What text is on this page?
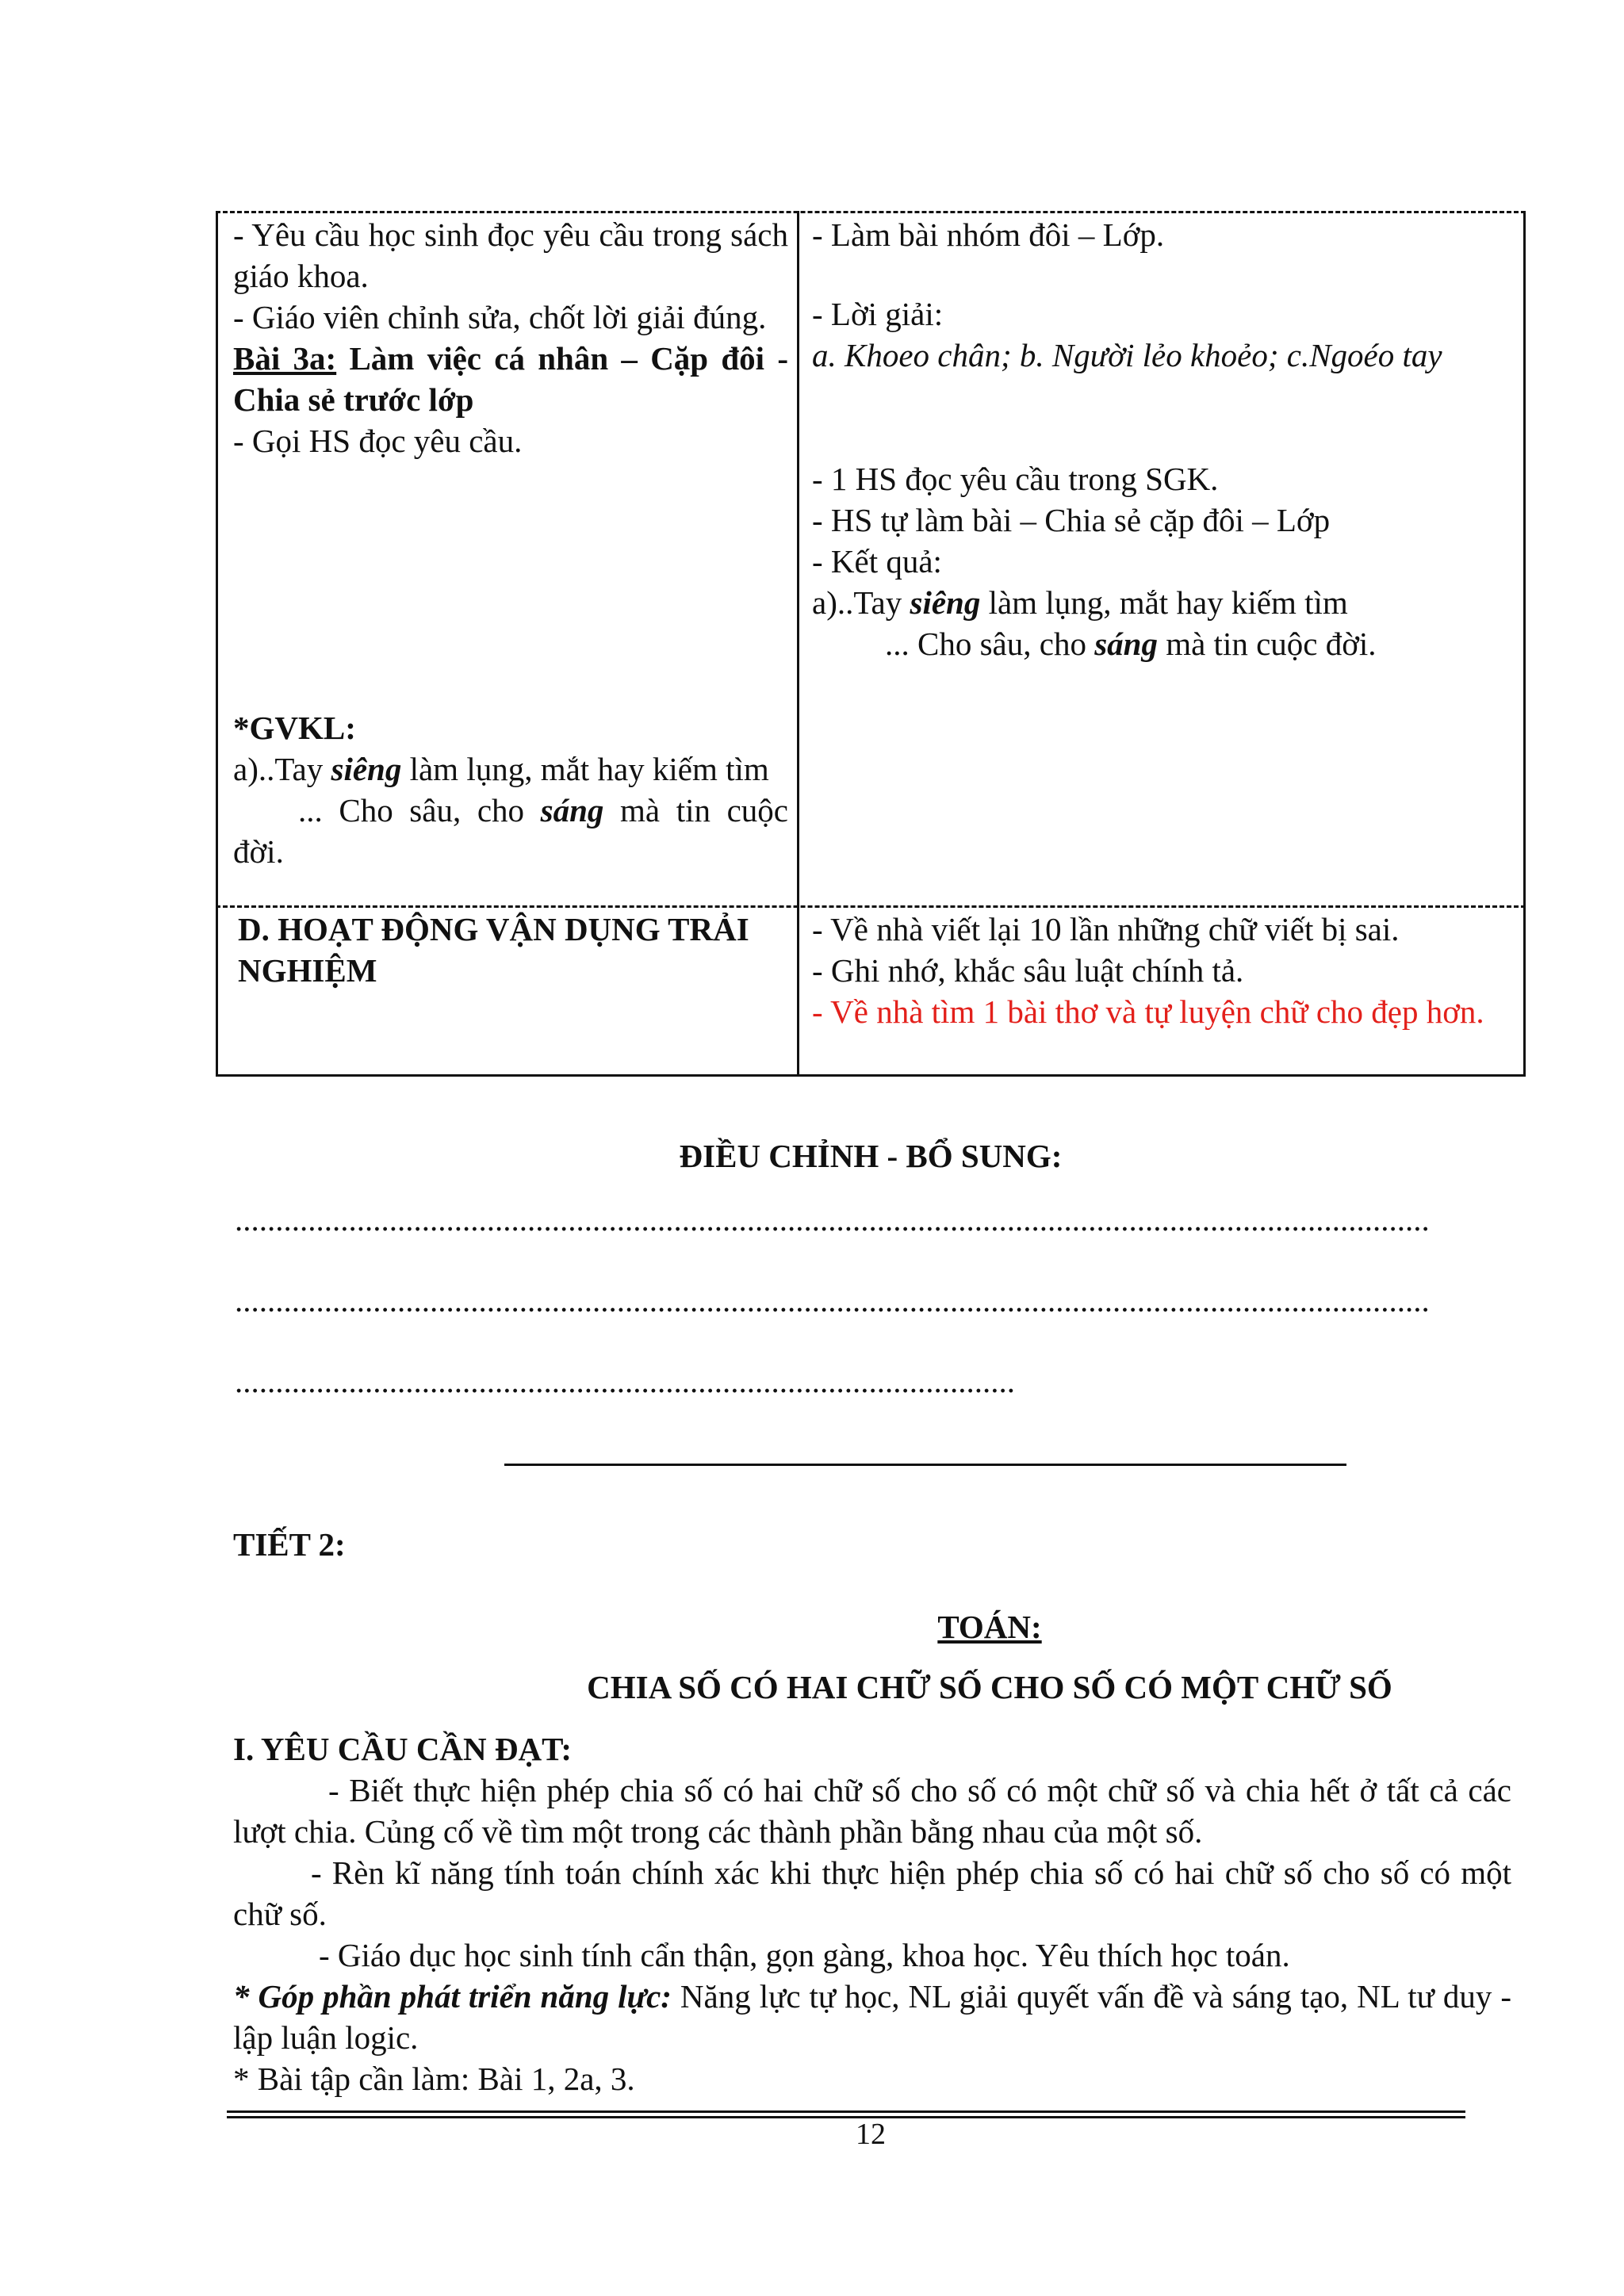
- Yêu cầu học sinh đọc yêu cầu trong sách giáo khoa.
- Giáo viên chỉnh sửa, chốt lời giải đúng.
Bài 3a: Làm việc cá nhân – Cặp đôi - Chia sẻ trước lớp
- Gọi HS đọc yêu cầu.
*GVKL:
a)..Tay siêng làm lụng, mắt hay kiếm tìm
... Cho sâu, cho sáng mà tin cuộc đời.
- Làm bài nhóm đôi – Lớp.
- Lời giải:
a. Khoeo chân; b. Người lẻo khoẻo; c.Ngoéo tay
- 1 HS đọc yêu cầu trong SGK.
- HS tự làm bài – Chia sẻ cặp đôi – Lớp
- Kết quả:
a)..Tay siêng làm lụng, mắt hay kiếm tìm
... Cho sâu, cho sáng mà tin cuộc đời.
D. HOẠT ĐỘNG VẬN DỤNG TRẢI NGHIỆM
- Về nhà viết lại 10 lần những chữ viết bị sai.
- Ghi nhớ, khắc sâu luật chính tả.
- Về nhà tìm 1 bài thơ và tự luyện chữ cho đẹp hơn.
ĐIỀU CHỈNH - BỔ SUNG:
...................................................................................................................................................
...................................................................................................................................................
................................................................................................
TIẾT 2:
TOÁN:
CHIA SỐ CÓ HAI CHỮ SỐ CHO SỐ CÓ MỘT CHỮ SỐ
I. YÊU CẦU CẦN ĐẠT:
- Biết thực hiện phép chia số có hai chữ số cho số có một chữ số và chia hết ở tất cả các lượt chia. Củng cố về tìm một trong các thành phần bằng nhau của một số.
- Rèn kĩ năng tính toán chính xác khi thực hiện phép chia số có hai chữ số cho số có một chữ số.
- Giáo dục học sinh tính cẩn thận, gọn gàng, khoa học. Yêu thích học toán.
* Góp phần phát triển năng lực: Năng lực tự học, NL giải quyết vấn đề và sáng tạo, NL tư duy - lập luận logic.
* Bài tập cần làm: Bài 1, 2a, 3.
12
